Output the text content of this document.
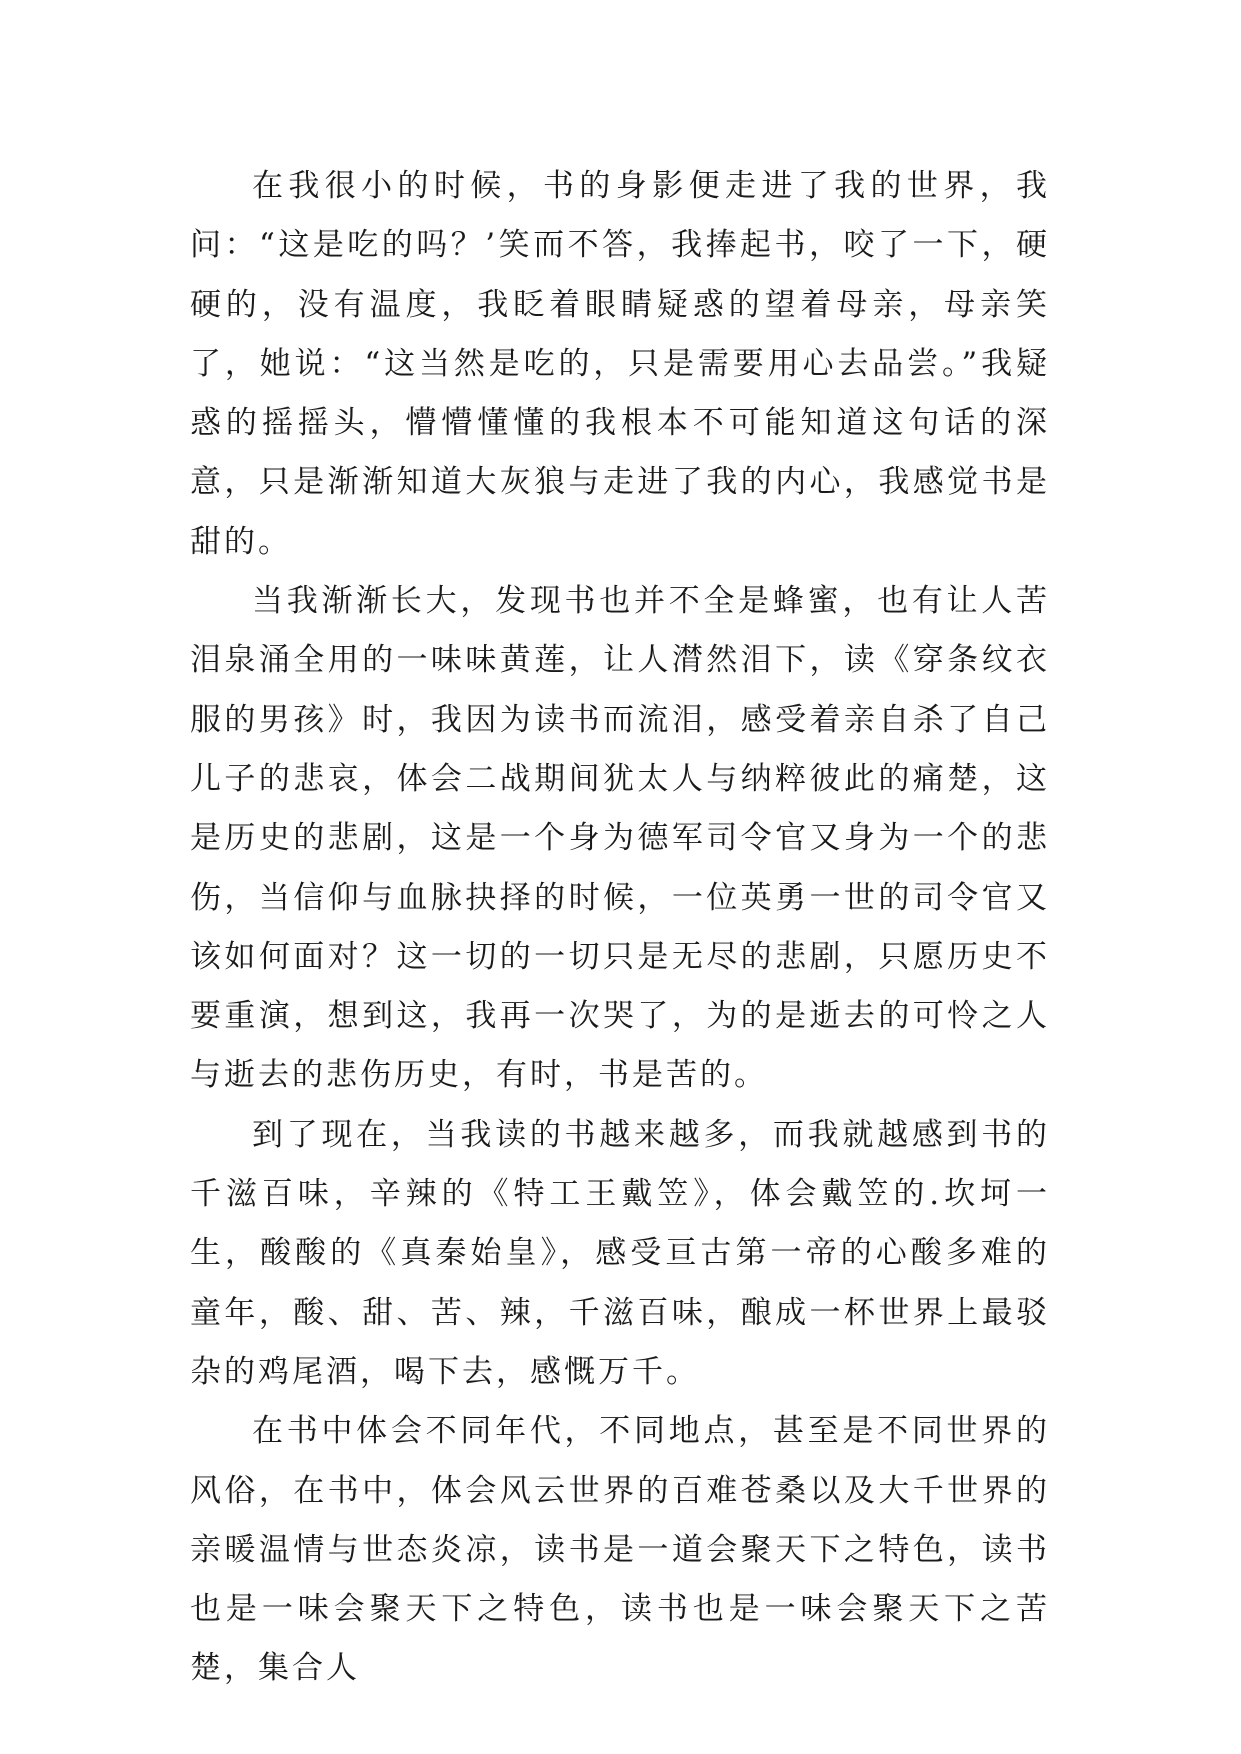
在我很小的时候，书的身影便走进了我的世界，我问：“这是吃的吗？’笑而不答，我捧起书，咬了一下，硬硬的，没有温度，我眨着眼睛疑惑的望着母亲，母亲笑了，她说：“这当然是吃的，只是需要用心去品尝。”我疑惑的摇摇头，懵懵懂懂的我根本不可能知道这句话的深意，只是渐渐知道大灰狼与走进了我的内心，我感觉书是甜的。

当我渐渐长大，发现书也并不全是蜂蜜，也有让人苦泪泉涌全用的一味味黄莲，让人潸然泪下，读《穿条纹衣服的男孩》时，我因为读书而流泪，感受着亲自杀了自己儿子的悲哀，体会二战期间犹太人与纳粹彼此的痛楚，这是历史的悲剧，这是一个身为德军司令官又身为一个的悲伤，当信仰与血脉抉择的时候，一位英勇一世的司令官又该如何面对？这一切的一切只是无尽的悲剧，只愿历史不要重演，想到这，我再一次哭了，为的是逝去的可怜之人与逝去的悲伤历史，有时，书是苦的。

到了现在，当我读的书越来越多，而我就越感到书的千滋百味，辛辣的《特工王戴笠》，体会戴笠的.坎坷一生，酸酸的《真秦始皇》，感受亘古第一帝的心酸多难的童年，酸、甜、苦、辣，千滋百味，酿成一杯世界上最驳杂的鸡尾酒，喝下去，感慨万千。

在书中体会不同年代，不同地点，甚至是不同世界的风俗，在书中，体会风云世界的百难苍桑以及大千世界的亲暖温情与世态炎凉，读书是一道会聚天下之特色，读书也是一味会聚天下之特色，读书也是一味会聚天下之苦楚，集合人
